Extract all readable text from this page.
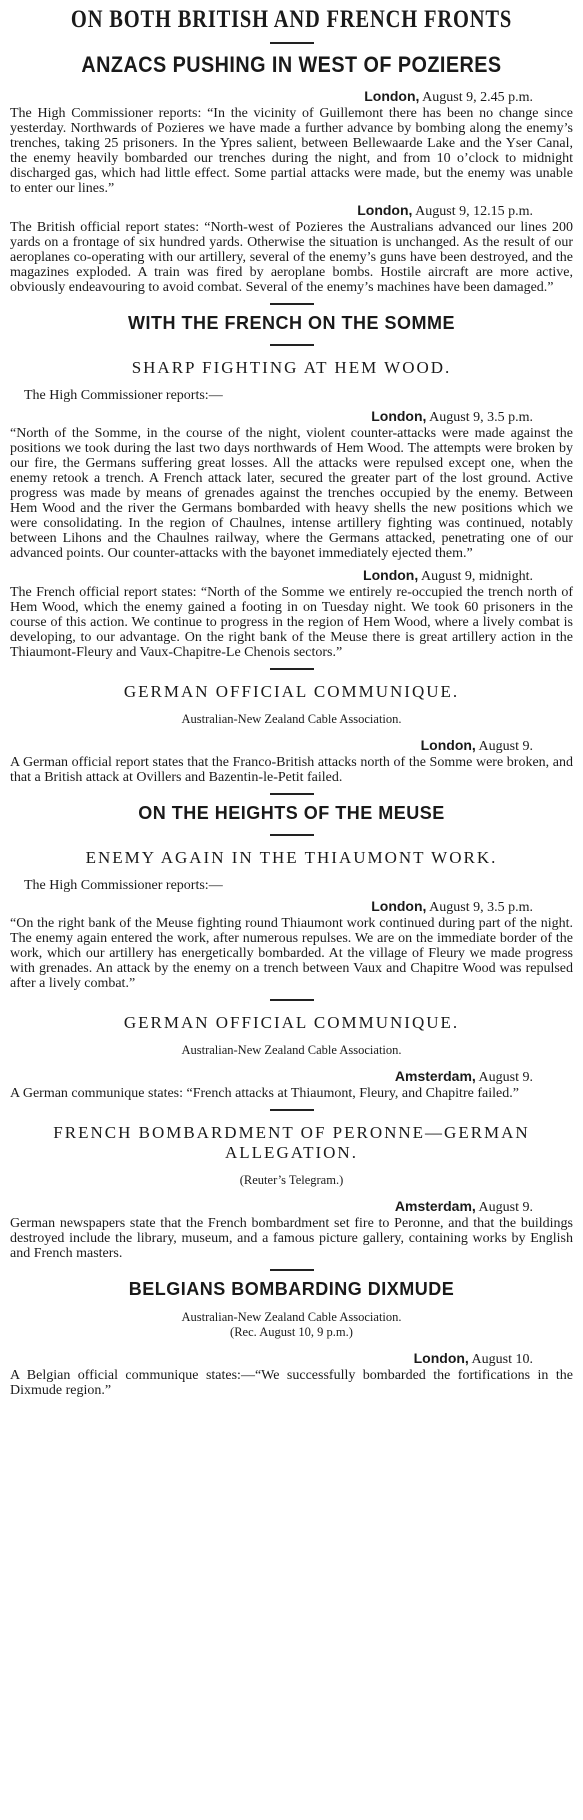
ON BOTH BRITISH AND FRENCH FRONTS
ANZACS PUSHING IN WEST OF POZIERES
London, August 9, 2.45 p.m.

The High Commissioner reports: “In the vicinity of Guillemont there has been no change since yesterday. Northwards of Pozieres we have made a further advance by bombing along the enemy’s trenches, taking 25 prisoners. In the Ypres salient, between Bellewaarde Lake and the Yser Canal, the enemy heavily bombarded our trenches during the night, and from 10 o’clock to midnight discharged gas, which had little effect. Some partial attacks were made, but the enemy was unable to enter our lines.”

London, August 9, 12.15 p.m.

The British official report states: “North-west of Pozieres the Australians advanced our lines 200 yards on a frontage of six hundred yards. Otherwise the situation is unchanged. As the result of our aeroplanes co-operating with our artillery, several of the enemy’s guns have been destroyed, and the magazines exploded. A train was fired by aeroplane bombs. Hostile aircraft are more active, obviously endeavouring to avoid combat. Several of the enemy’s machines have been damaged.”

WITH THE FRENCH ON THE SOMME
SHARP FIGHTING AT HEM WOOD.
The High Commissioner reports:—
London, August 9, 3.5 p.m.

“North of the Somme, in the course of the night, violent counter-attacks were made against the positions we took during the last two days northwards of Hem Wood. The attempts were broken by our fire, the Germans suffering great losses. All the attacks were repulsed except one, when the enemy retook a trench. A French attack later, secured the greater part of the lost ground. Active progress was made by means of grenades against the trenches occupied by the enemy. Between Hem Wood and the river the Germans bombarded with heavy shells the new positions which we were consolidating. In the region of Chaulnes, intense artillery fighting was continued, notably between Lihons and the Chaulnes railway, where the Germans attacked, penetrating one of our advanced points. Our counter-attacks with the bayonet immediately ejected them.”

London, August 9, midnight.

The French official report states: “North of the Somme we entirely re-occupied the trench north of Hem Wood, which the enemy gained a footing in on Tuesday night. We took 60 prisoners in the course of this action. We continue to progress in the region of Hem Wood, where a lively combat is developing, to our advantage. On the right bank of the Meuse there is great artillery action in the Thiaumont-Fleury and Vaux-Chapitre-Le Chenois sectors.”

GERMAN OFFICIAL COMMUNIQUE.
Australian-New Zealand Cable Association.
London, August 9.

A German official report states that the Franco-British attacks north of the Somme were broken, and that a British attack at Ovillers and Bazentin-le-Petit failed.

ON THE HEIGHTS OF THE MEUSE
ENEMY AGAIN IN THE THIAUMONT WORK.
The High Commissioner reports:—
London, August 9, 3.5 p.m.

“On the right bank of the Meuse fighting round Thiaumont work continued during part of the night. The enemy again entered the work, after numerous repulses. We are on the immediate border of the work, which our artillery has energetically bombarded. At the village of Fleury we made progress with grenades. An attack by the enemy on a trench between Vaux and Chapitre Wood was repulsed after a lively combat.”

GERMAN OFFICIAL COMMUNIQUE.
Australian-New Zealand Cable Association.
Amsterdam, August 9.

A German communique states: “French attacks at Thiaumont, Fleury, and Chapitre failed.”

FRENCH BOMBARDMENT OF PERONNE—GERMAN ALLEGATION.
(Reuter’s Telegram.)
Amsterdam, August 9.

German newspapers state that the French bombardment set fire to Peronne, and that the buildings destroyed include the library, museum, and a famous picture gallery, containing works by English and French masters.

BELGIANS BOMBARDING DIXMUDE
Australian-New Zealand Cable Association.
(Rec. August 10, 9 p.m.)
London, August 10.

A Belgian official communique states:—“We successfully bombarded the fortifications in the Dixmude region.”
